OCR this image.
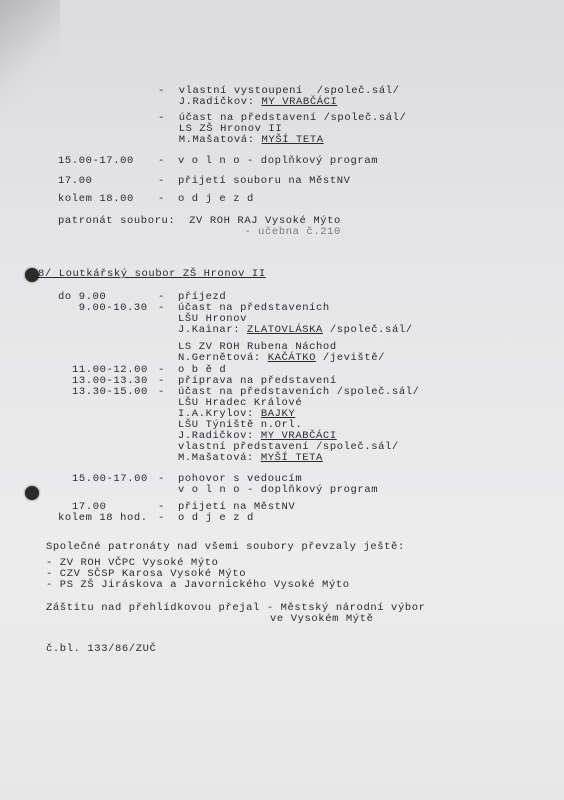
-  vlastní vystoupení  /společ.sál/
J.Radičkov: MY VRABČÁCI
-  účast na představení /společ.sál/
LS ZŠ Hronov II
M.Mašatová: MYŠÍ TETA
15.00-17.00 - v o l n o - doplňkový program
17.00	- přijetí souboru na MěstNV
kolem 18.00 - o d j e z d
patronát souboru:  ZV ROH RAJ Vysoké Mýto
- učebna č.210
8/ Loutkářský soubor ZŠ Hronov II
do 9.00	- příjezd
9.00-10.30 - účast na představeních
LŠU Hronov
J.Kainar: ZLATOVLÁSKA /společ.sál/
LS ZV ROH Rubena Náchod
N.Gernětová: KAČÁTKO /jeviště/
11.00-12.00 - o b ě d
13.00-13.30 - příprava na představení
13.30-15.00 - účast na představeních /společ.sál/
LŠU Hradec Králové
I.A.Krylov: BAJKY
LŠU Týniště n.Orl.
J.Radičkov: MY VRABČÁCI
vlastní představení /společ.sál/
M.Mašatová: MYŠÍ TETA
15.00-17.00 - pohovor s vedoucím
v o l n o - doplňkový program
17.00	- přijetí na MěstNV
kolem 18 hod. - o d j e z d
Společné patronáty nad všemi soubory převzaly ještě:
- ZV ROH VČPC Vysoké Mýto
- CZV SČSP Karosa Vysoké Mýto
- PS ZŠ Jiráskova a Javornického Vysoké Mýto
Záštitu nad přehlídkovou přejal - Městský národní výbor
ve Vysokém Mýtě
č.bl. 133/86/ZUČ
